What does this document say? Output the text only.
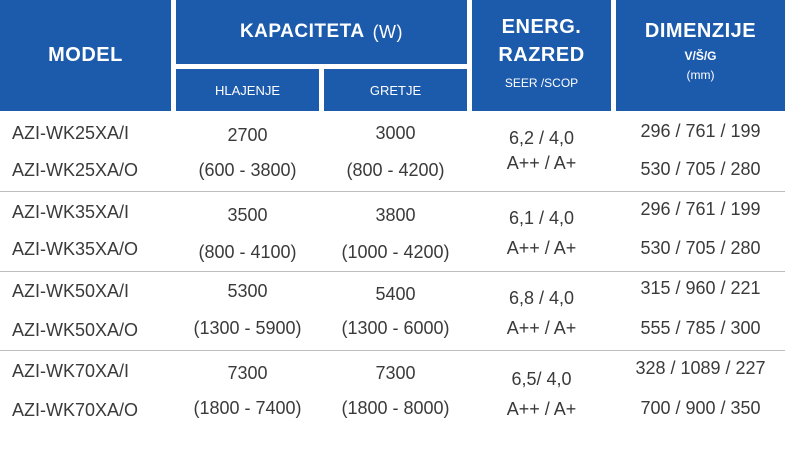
MODEL
KAPACITETA (W)
HLAJENJE	GRETJE
ENERG.
RAZRED
SEER /SCOP
DIMENZIJE
V/Š/G
(mm)
AZI-WK25XA/I
AZI-WK25XA/O
2700
(600 - 3800)
3000
(800 - 4200)
6,2 / 4,0
A++ / A+
296 / 761 / 199
530 / 705 / 280
AZI-WK35XA/I
AZI-WK35XA/O
3500
(800 - 4100)
3800
(1000 - 4200)
6,1 / 4,0
A++ / A+
296 / 761 / 199
530 / 705 / 280
AZI-WK50XA/I
AZI-WK50XA/O
5300
(1300 - 5900)
5400
(1300 - 6000)
6,8 / 4,0
A++ / A+
315 / 960 / 221
555 / 785 / 300
AZI-WK70XA/I
AZI-WK70XA/O
7300
(1800 - 7400)
7300
(1800 - 8000)
6,5/ 4,0
A++ / A+
328 / 1089 / 227
700 / 900 / 350
